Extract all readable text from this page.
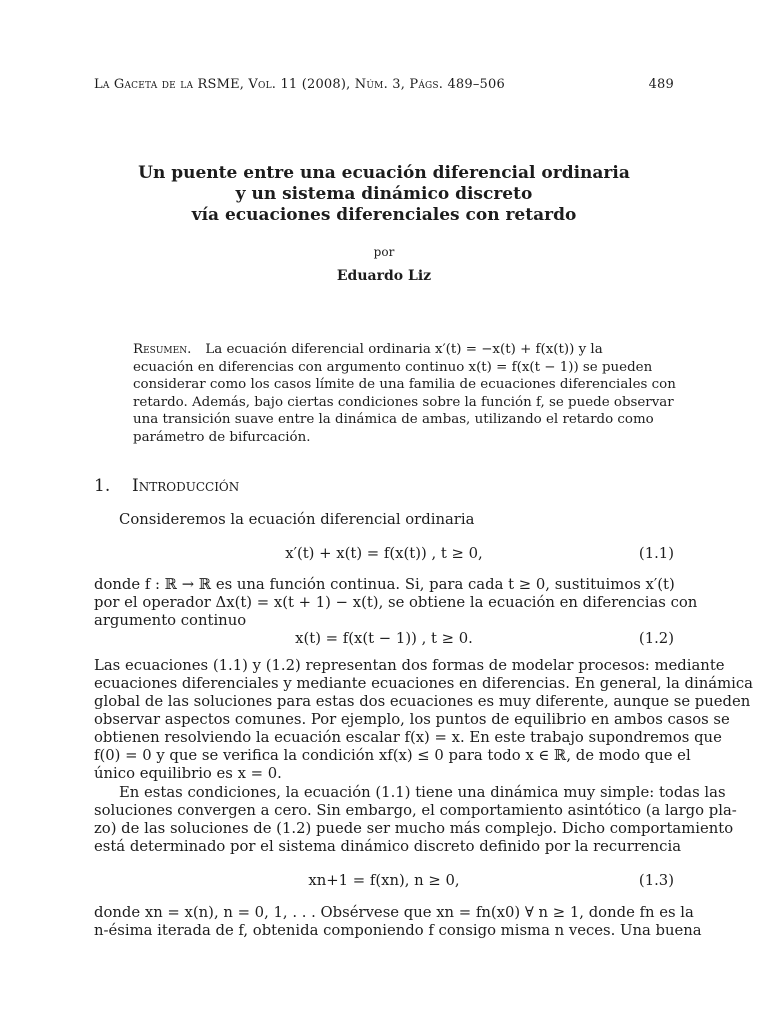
La Gaceta de la RSME, Vol. 11 (2008), Núm. 3, Págs. 489–506	489
Un puente entre una ecuación diferencial ordinaria
y un sistema dinámico discreto
vía ecuaciones diferenciales con retardo
por
Eduardo Liz
Resumen. La ecuación diferencial ordinaria x′(t) = −x(t) + f(x(t)) y la
ecuación en diferencias con argumento continuo x(t) = f(x(t − 1)) se pueden
considerar como los casos límite de una familia de ecuaciones diferenciales con
retardo. Además, bajo ciertas condiciones sobre la función f, se puede observar
una transición suave entre la dinámica de ambas, utilizando el retardo como
parámetro de bifurcación.
1. Introducción
Consideremos la ecuación diferencial ordinaria
x′(t) + x(t) = f(x(t)) , t ≥ 0,	(1.1)
donde f : ℝ → ℝ es una función continua. Si, para cada t ≥ 0, sustituimos x′(t)
por el operador Δx(t) = x(t + 1) − x(t), se obtiene la ecuación en diferencias con
argumento continuo
x(t) = f(x(t − 1)) , t ≥ 0.	(1.2)
Las ecuaciones (1.1) y (1.2) representan dos formas de modelar procesos: mediante
ecuaciones diferenciales y mediante ecuaciones en diferencias. En general, la dinámica
global de las soluciones para estas dos ecuaciones es muy diferente, aunque se pueden
observar aspectos comunes. Por ejemplo, los puntos de equilibrio en ambos casos se
obtienen resolviendo la ecuación escalar f(x) = x. En este trabajo supondremos que
f(0) = 0 y que se verifica la condición xf(x) ≤ 0 para todo x ∈ ℝ, de modo que el
único equilibrio es x = 0.
En estas condiciones, la ecuación (1.1) tiene una dinámica muy simple: todas las
soluciones convergen a cero. Sin embargo, el comportamiento asintótico (a largo pla-
zo) de las soluciones de (1.2) puede ser mucho más complejo. Dicho comportamiento
está determinado por el sistema dinámico discreto definido por la recurrencia
xn+1 = f(xn), n ≥ 0,	(1.3)
donde xn = x(n), n = 0, 1, . . . Obsérvese que xn = fn(x0) ∀ n ≥ 1, donde fn es la
n-ésima iterada de f, obtenida componiendo f consigo misma n veces. Una buena
